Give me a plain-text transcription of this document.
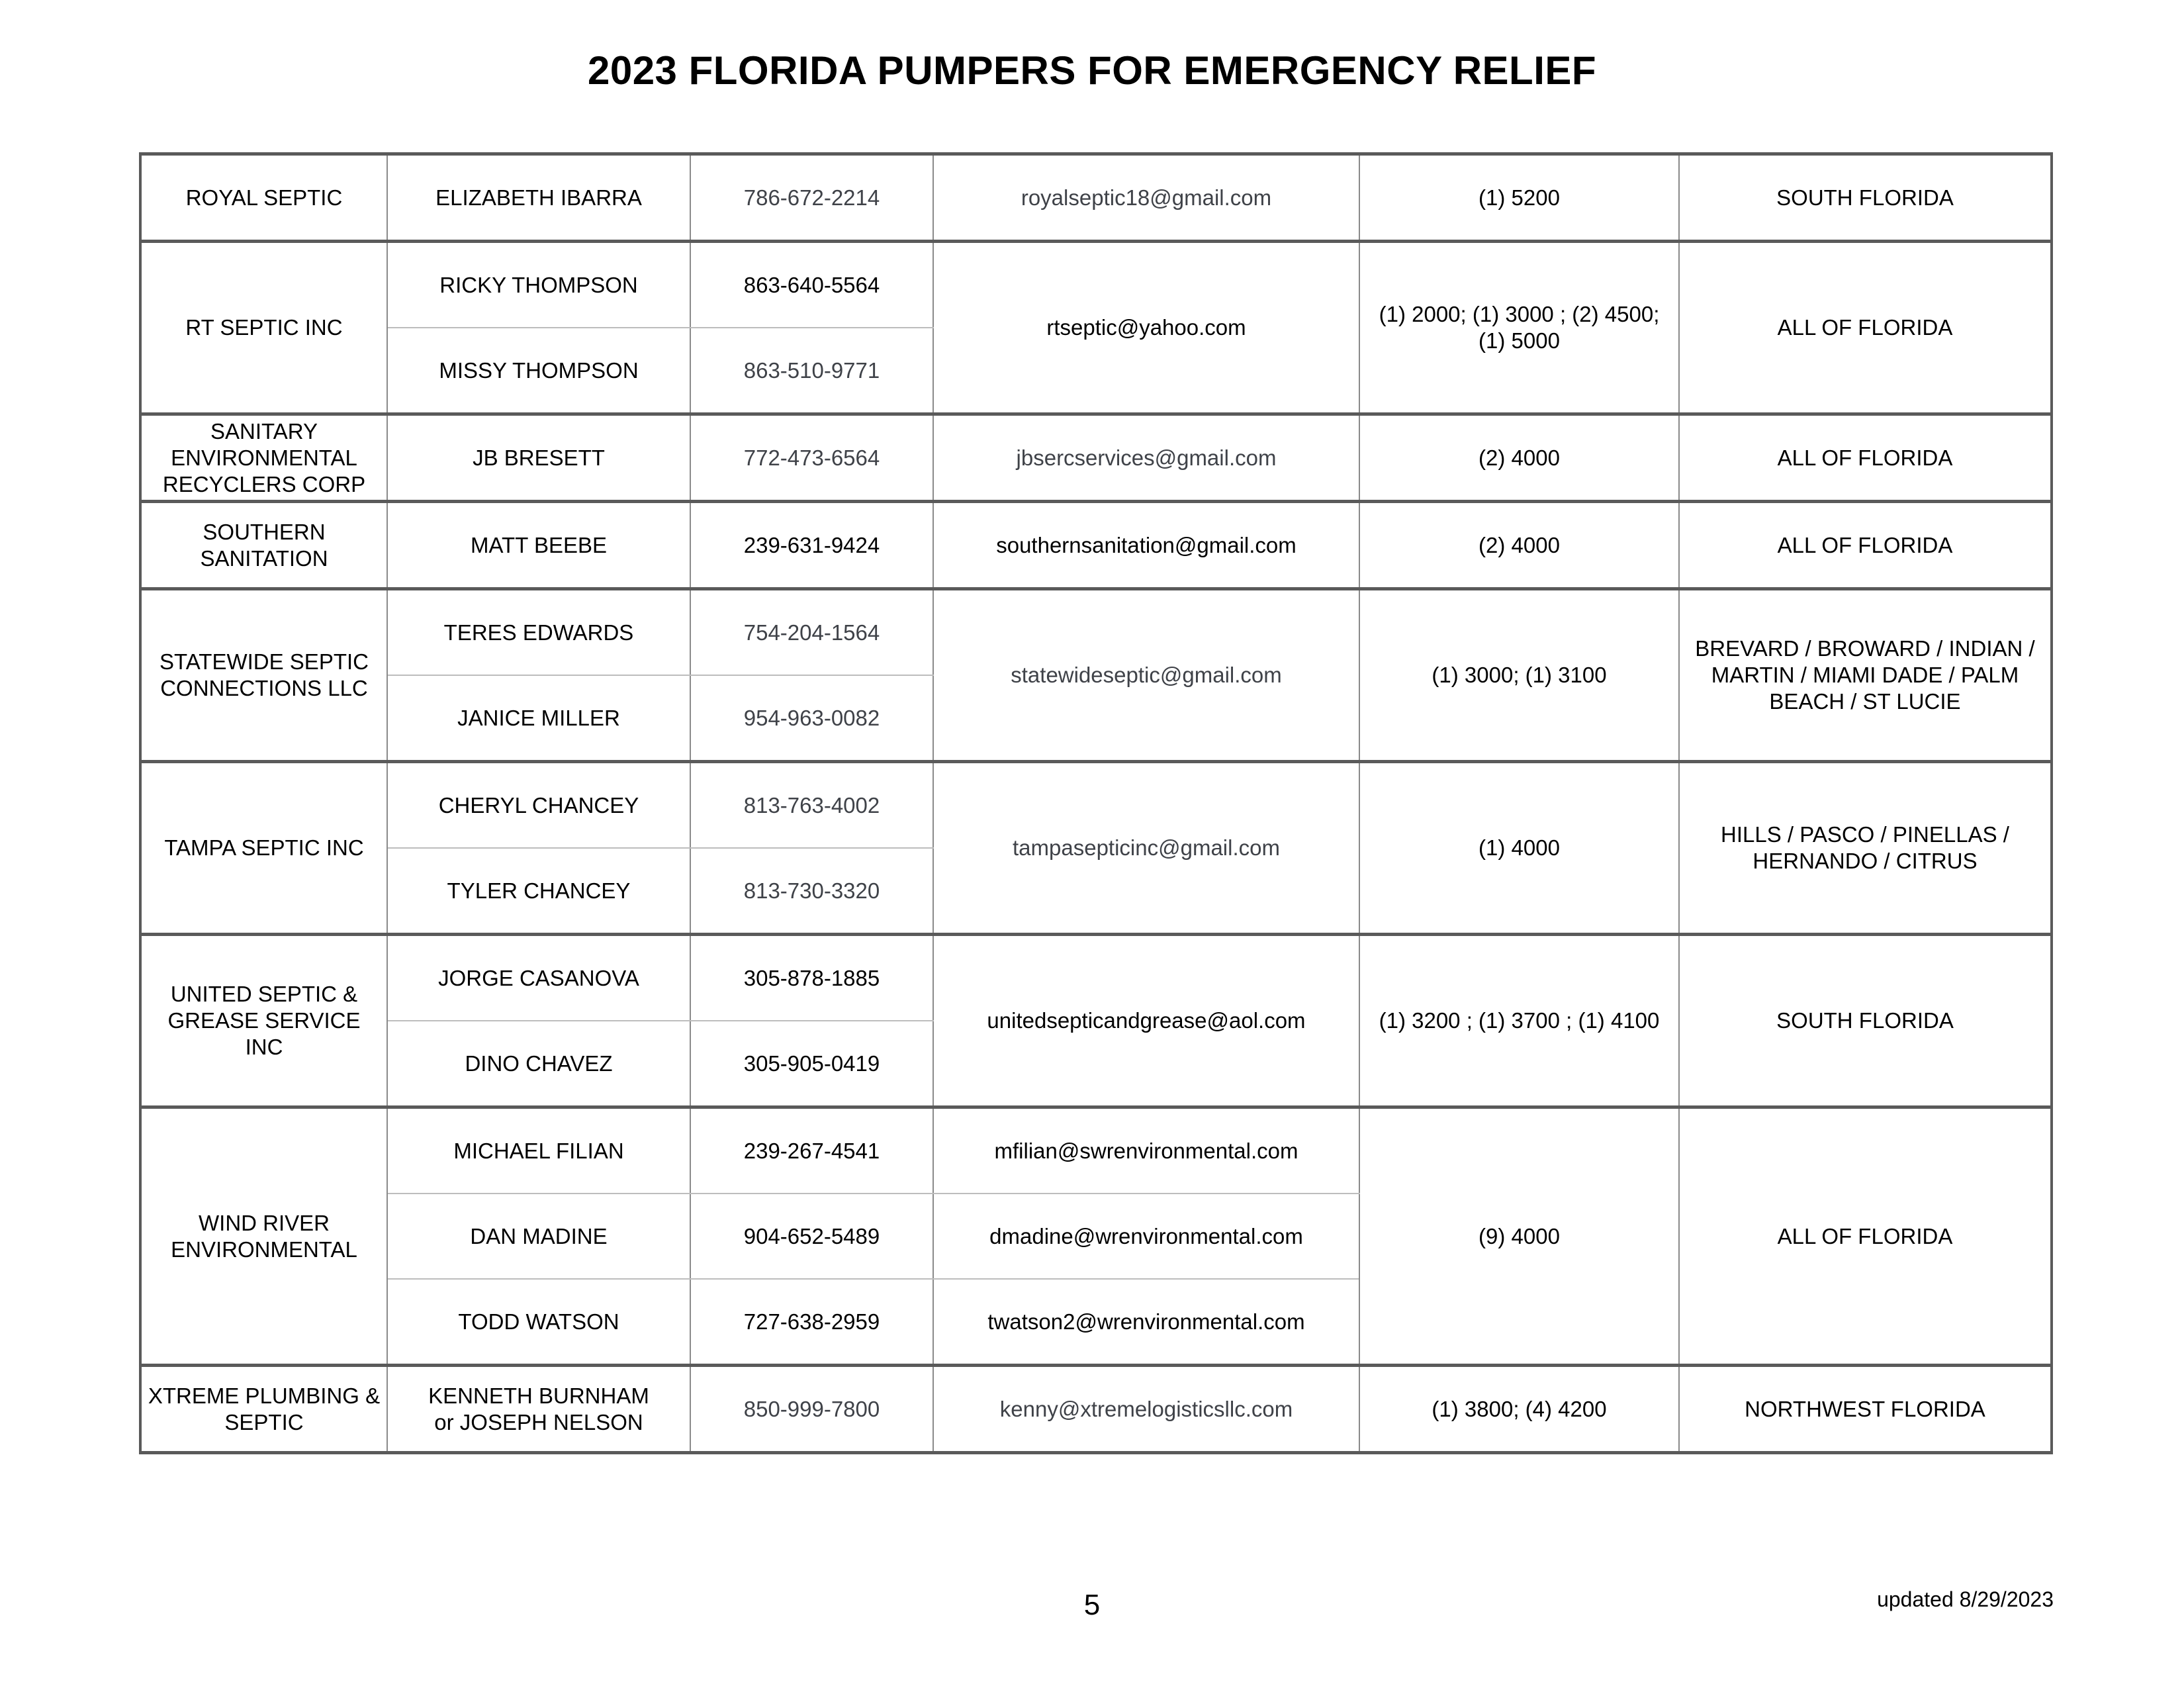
2023 FLORIDA PUMPERS FOR EMERGENCY RELIEF
ROYAL SEPTIC	ELIZABETH IBARRA	786-672-2214	royalseptic18@gmail.com	(1) 5200	SOUTH FLORIDA
RT SEPTIC INC	RICKY THOMPSON	863-640-5564	rtseptic@yahoo.com	(1) 2000; (1) 3000 ; (2) 4500; (1) 5000	ALL OF FLORIDA
	MISSY THOMPSON	863-510-9771			
SANITARY ENVIRONMENTAL RECYCLERS CORP	JB BRESETT	772-473-6564	jbsercservices@gmail.com	(2) 4000	ALL OF FLORIDA
SOUTHERN SANITATION	MATT BEEBE	239-631-9424	southernsanitation@gmail.com	(2) 4000	ALL OF FLORIDA
STATEWIDE SEPTIC CONNECTIONS LLC	TERES EDWARDS	754-204-1564	statewideseptic@gmail.com	(1) 3000; (1) 3100	BREVARD / BROWARD / INDIAN / MARTIN / MIAMI DADE / PALM BEACH / ST LUCIE
	JANICE MILLER	954-963-0082			
TAMPA SEPTIC INC	CHERYL CHANCEY	813-763-4002	tampasepticinc@gmail.com	(1) 4000	HILLS / PASCO / PINELLAS / HERNANDO / CITRUS
	TYLER CHANCEY	813-730-3320			
UNITED SEPTIC & GREASE SERVICE INC	JORGE CASANOVA	305-878-1885	unitedsepticandgrease@aol.com	(1) 3200 ; (1) 3700 ; (1) 4100	SOUTH FLORIDA
	DINO CHAVEZ	305-905-0419			
WIND RIVER ENVIRONMENTAL	MICHAEL FILIAN	239-267-4541	mfilian@swrenvironmental.com	(9) 4000	ALL OF FLORIDA
	DAN MADINE	904-652-5489	dmadine@wrenvironmental.com		
	TODD WATSON	727-638-2959	twatson2@wrenvironmental.com		
XTREME PLUMBING & SEPTIC	KENNETH BURNHAM or JOSEPH NELSON	850-999-7800	kenny@xtremelogisticsllc.com	(1) 3800; (4) 4200	NORTHWEST FLORIDA
5	updated 8/29/2023
